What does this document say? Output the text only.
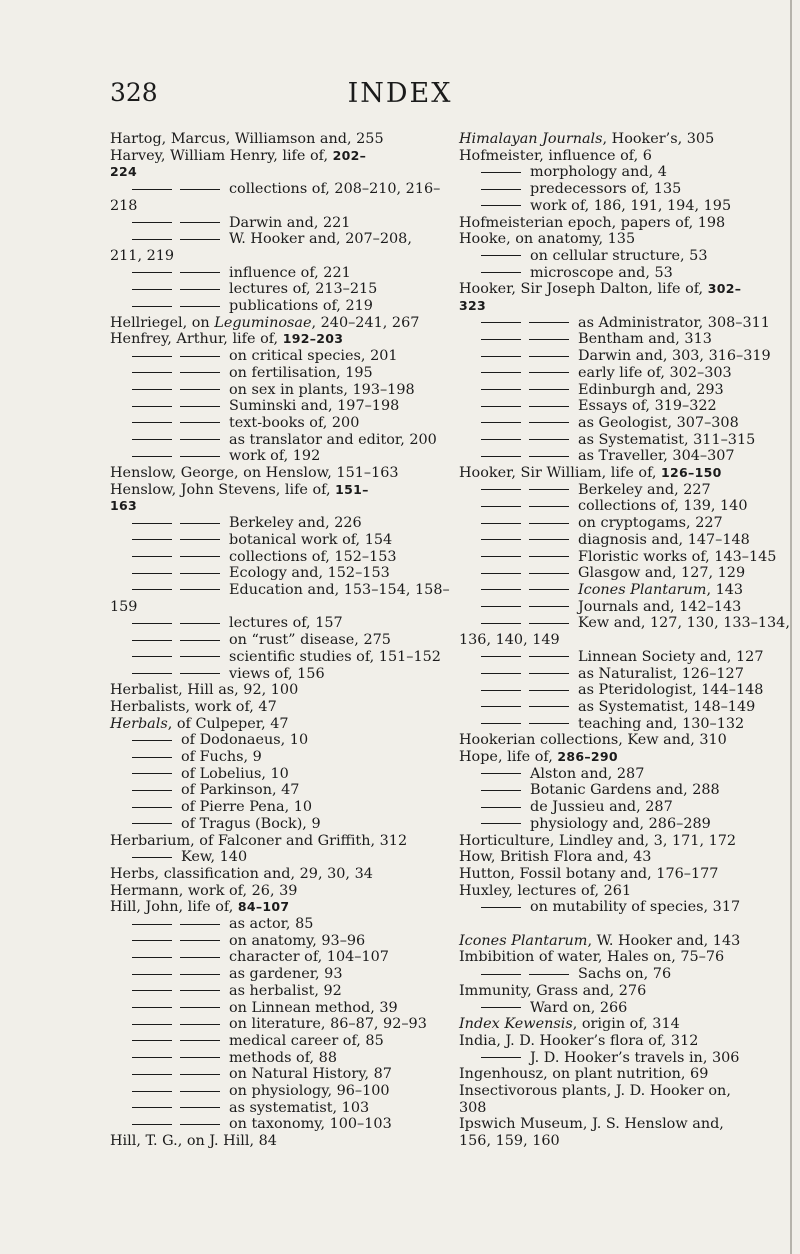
328	INDEX
Hartog, Marcus, Williamson and, 255
Harvey, William Henry, life of, 202–
224
collections of, 208–210, 216–
218
Darwin and, 221
W. Hooker and, 207–208,
211, 219
influence of, 221
lectures of, 213–215
publications of, 219
Hellriegel, on Leguminosae, 240–241, 267
Henfrey, Arthur, life of, 192–203
on critical species, 201
on fertilisation, 195
on sex in plants, 193–198
Suminski and, 197–198
text-books of, 200
as translator and editor, 200
work of, 192
Henslow, George, on Henslow, 151–163
Henslow, John Stevens, life of, 151–
163
Berkeley and, 226
botanical work of, 154
collections of, 152–153
Ecology and, 152–153
Education and, 153–154, 158–
159
lectures of, 157
on “rust” disease, 275
scientific studies of, 151–152
views of, 156
Herbalist, Hill as, 92, 100
Herbalists, work of, 47
Herbals, of Culpeper, 47
of Dodonaeus, 10
of Fuchs, 9
of Lobelius, 10
of Parkinson, 47
of Pierre Pena, 10
of Tragus (Bock), 9
Herbarium, of Falconer and Griffith, 312
Kew, 140
Herbs, classification and, 29, 30, 34
Hermann, work of, 26, 39
Hill, John, life of, 84–107
as actor, 85
on anatomy, 93–96
character of, 104–107
as gardener, 93
as herbalist, 92
on Linnean method, 39
on literature, 86–87, 92–93
medical career of, 85
methods of, 88
on Natural History, 87
on physiology, 96–100
as systematist, 103
on taxonomy, 100–103
Hill, T. G., on J. Hill, 84
Himalayan Journals, Hooker’s, 305
Hofmeister, influence of, 6
morphology and, 4
predecessors of, 135
work of, 186, 191, 194, 195
Hofmeisterian epoch, papers of, 198
Hooke, on anatomy, 135
on cellular structure, 53
microscope and, 53
Hooker, Sir Joseph Dalton, life of, 302–
323
as Administrator, 308–311
Bentham and, 313
Darwin and, 303, 316–319
early life of, 302–303
Edinburgh and, 293
Essays of, 319–322
as Geologist, 307–308
as Systematist, 311–315
as Traveller, 304–307
Hooker, Sir William, life of, 126–150
Berkeley and, 227
collections of, 139, 140
on cryptogams, 227
diagnosis and, 147–148
Floristic works of, 143–145
Glasgow and, 127, 129
Icones Plantarum, 143
Journals and, 142–143
Kew and, 127, 130, 133–134,
136, 140, 149
Linnean Society and, 127
as Naturalist, 126–127
as Pteridologist, 144–148
as Systematist, 148–149
teaching and, 130–132
Hookerian collections, Kew and, 310
Hope, life of, 286–290
Alston and, 287
Botanic Gardens and, 288
de Jussieu and, 287
physiology and, 286–289
Horticulture, Lindley and, 3, 171, 172
How, British Flora and, 43
Hutton, Fossil botany and, 176–177
Huxley, lectures of, 261
on mutability of species, 317
Icones Plantarum, W. Hooker and, 143
Imbibition of water, Hales on, 75–76
Sachs on, 76
Immunity, Grass and, 276
Ward on, 266
Index Kewensis, origin of, 314
India, J. D. Hooker’s flora of, 312
J. D. Hooker’s travels in, 306
Ingenhousz, on plant nutrition, 69
Insectivorous plants, J. D. Hooker on,
308
Ipswich Museum, J. S. Henslow and,
156, 159, 160
